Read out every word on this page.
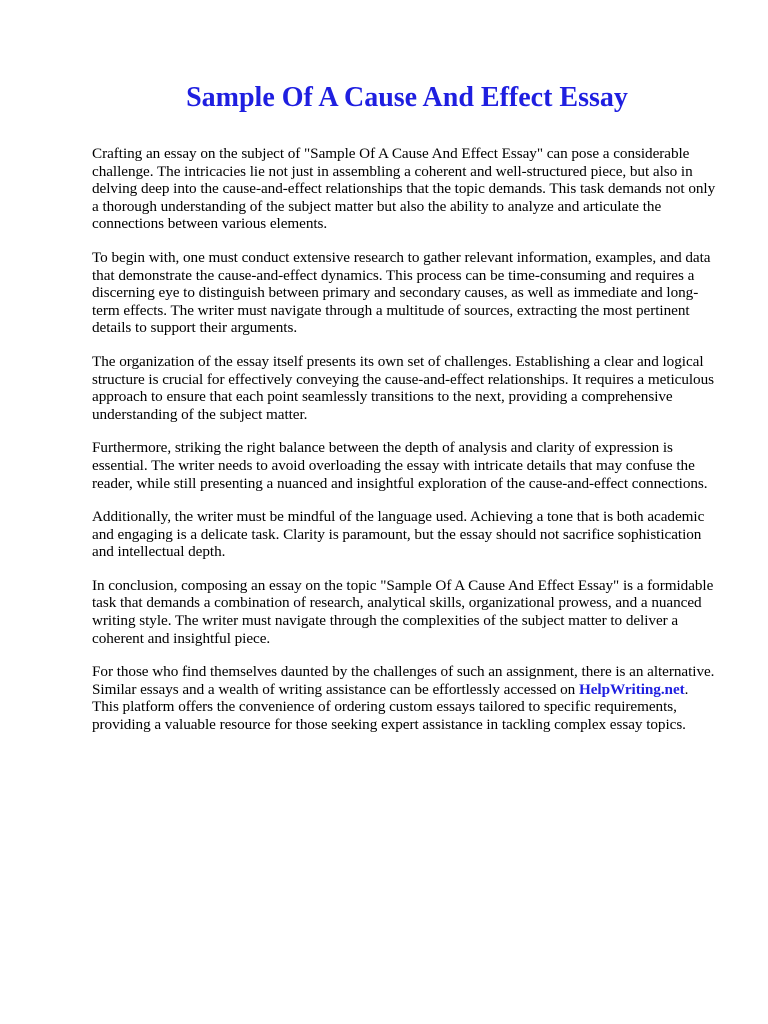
Sample Of A Cause And Effect Essay

Crafting an essay on the subject of "Sample Of A Cause And Effect Essay" can pose a considerable challenge. The intricacies lie not just in assembling a coherent and well-structured piece, but also in delving deep into the cause-and-effect relationships that the topic demands. This task demands not only a thorough understanding of the subject matter but also the ability to analyze and articulate the connections between various elements.

To begin with, one must conduct extensive research to gather relevant information, examples, and data that demonstrate the cause-and-effect dynamics. This process can be time-consuming and requires a discerning eye to distinguish between primary and secondary causes, as well as immediate and long-term effects. The writer must navigate through a multitude of sources, extracting the most pertinent details to support their arguments.

The organization of the essay itself presents its own set of challenges. Establishing a clear and logical structure is crucial for effectively conveying the cause-and-effect relationships. It requires a meticulous approach to ensure that each point seamlessly transitions to the next, providing a comprehensive understanding of the subject matter.

Furthermore, striking the right balance between the depth of analysis and clarity of expression is essential. The writer needs to avoid overloading the essay with intricate details that may confuse the reader, while still presenting a nuanced and insightful exploration of the cause-and-effect connections.

Additionally, the writer must be mindful of the language used. Achieving a tone that is both academic and engaging is a delicate task. Clarity is paramount, but the essay should not sacrifice sophistication and intellectual depth.

In conclusion, composing an essay on the topic "Sample Of A Cause And Effect Essay" is a formidable task that demands a combination of research, analytical skills, organizational prowess, and a nuanced writing style. The writer must navigate through the complexities of the subject matter to deliver a coherent and insightful piece.

For those who find themselves daunted by the challenges of such an assignment, there is an alternative. Similar essays and a wealth of writing assistance can be effortlessly accessed on HelpWriting.net. This platform offers the convenience of ordering custom essays tailored to specific requirements, providing a valuable resource for those seeking expert assistance in tackling complex essay topics.
